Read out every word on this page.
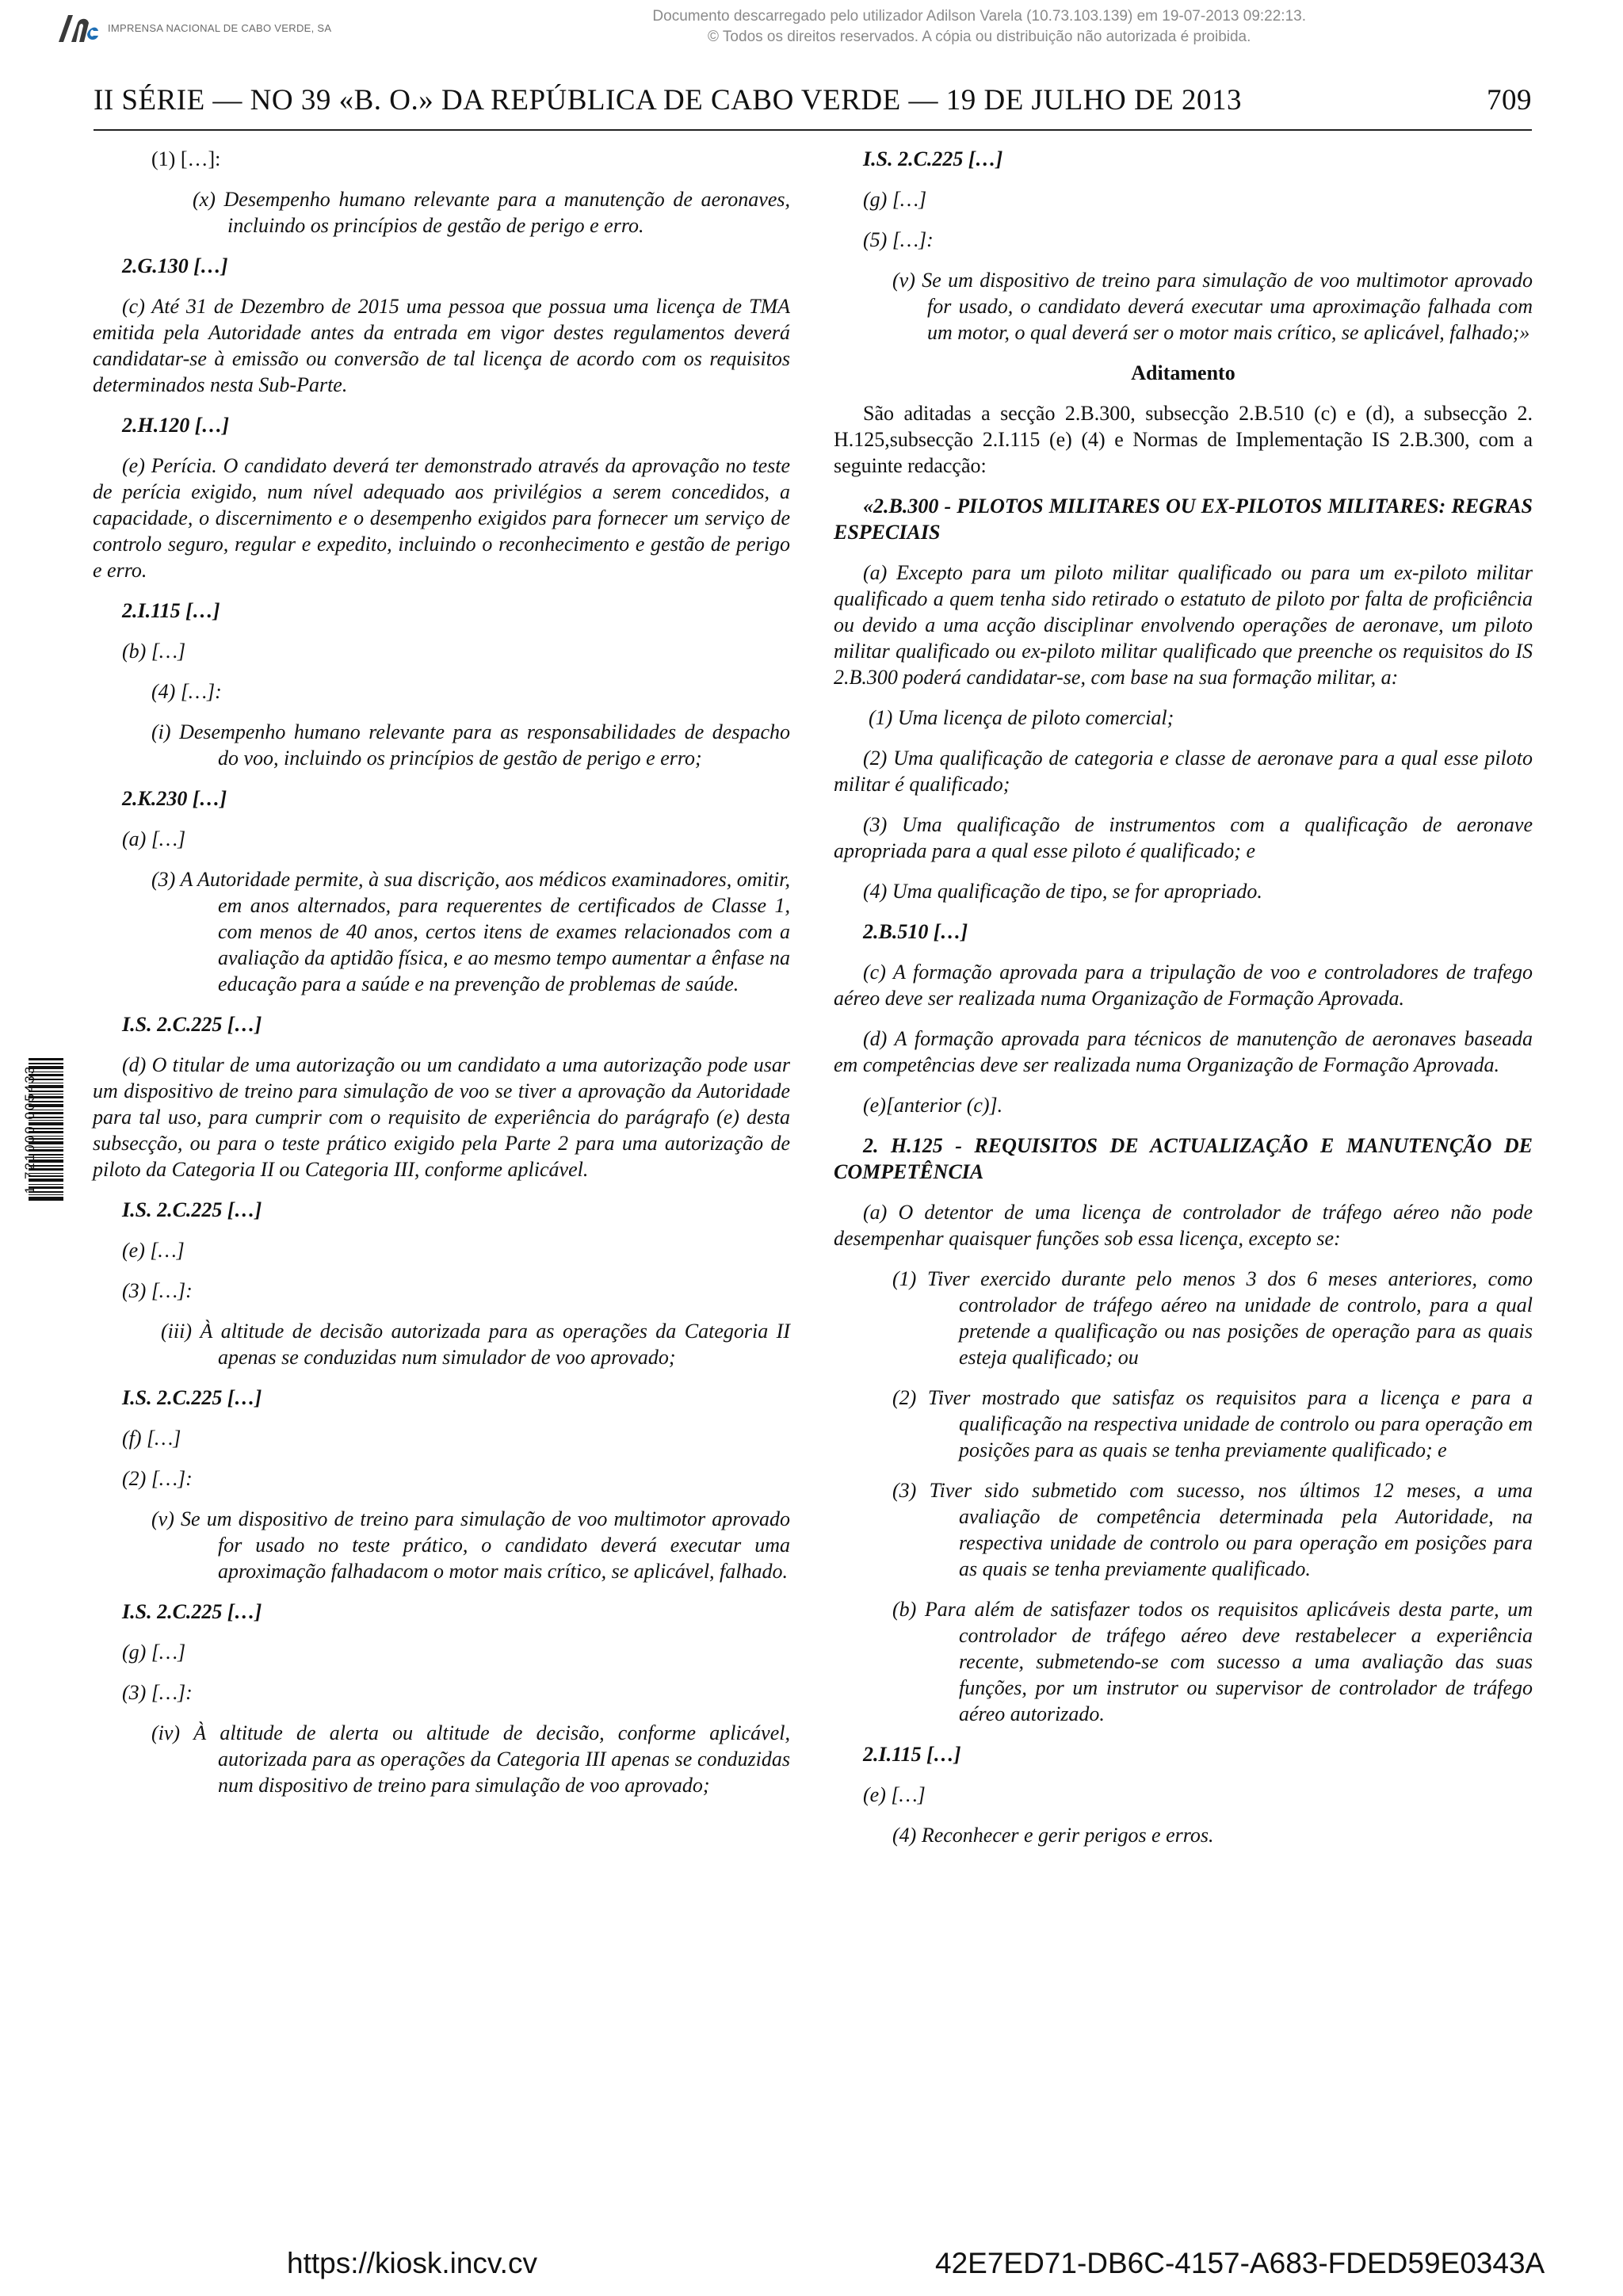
IMPRENSA NACIONAL DE CABO VERDE, SA
Documento descarregado pelo utilizador Adilson Varela (10.73.103.139) em 19-07-2013 09:22:13.
© Todos os direitos reservados. A cópia ou distribuição não autorizada é proibida.
II SÉRIE — NO 39 «B. O.» DA REPÚBLICA DE CABO VERDE — 19 DE JULHO DE 2013	709

(1) […]:

(x) Desempenho humano relevante para a manutenção de aeronaves, incluindo os princípios de gestão de perigo e erro.

2.G.130 […]

(c) Até 31 de Dezembro de 2015 uma pessoa que possua uma licença de TMA emitida pela Autoridade antes da entrada em vigor destes regulamentos deverá candidatar-se à emissão ou conversão de tal licença de acordo com os requisitos determinados nesta Sub-Parte.

2.H.120 […]

(e) Perícia. O candidato deverá ter demonstrado através da aprovação no teste de perícia exigido, num nível adequado aos privilégios a serem concedidos, a capacidade, o discernimento e o desempenho exigidos para fornecer um serviço de controlo seguro, regular e expedito, incluindo o reconhecimento e gestão de perigo e erro.

2.I.115 […]

(b) […]

(4) […]:

(i) Desempenho humano relevante para as responsabilidades de despacho do voo, incluindo os princípios de gestão de perigo e erro;

2.K.230 […]

(a) […]

(3) A Autoridade permite, à sua discrição, aos médicos examinadores, omitir, em anos alternados, para requerentes de certificados de Classe 1, com menos de 40 anos, certos itens de exames relacionados com a avaliação da aptidão física, e ao mesmo tempo aumentar a ênfase na educação para a saúde e na prevenção de problemas de saúde.

I.S. 2.C.225 […]

(d) O titular de uma autorização ou um candidato a uma autorização pode usar um dispositivo de treino para simulação de voo se tiver a aprovação da Autoridade para tal uso, para cumprir com o requisito de experiência do parágrafo (e) desta subsecção, ou para o teste prático exigido pela Parte 2 para uma autorização de piloto da Categoria II ou Categoria III, conforme aplicável.

I.S. 2.C.225 […]

(e) […]

(3) […]:

(iii) À altitude de decisão autorizada para as operações da Categoria II apenas se conduzidas num simulador de voo aprovado;

I.S. 2.C.225 […]

(f) […]

(2) […]:

(v) Se um dispositivo de treino para simulação de voo multimotor aprovado for usado no teste prático, o candidato deverá executar uma aproximação falhadacom o motor mais crítico, se aplicável, falhado.

I.S. 2.C.225 […]

(g) […]

(3) […]:

(iv) À altitude de alerta ou altitude de decisão, conforme aplicável, autorizada para as operações da Categoria III apenas se conduzidas num dispositivo de treino para simulação de voo aprovado;

I.S. 2.C.225 […]

(g) […]

(5) […]:

(v) Se um dispositivo de treino para simulação de voo multimotor aprovado for usado, o candidato deverá executar uma aproximação falhada com um motor, o qual deverá ser o motor mais crítico, se aplicável, falhado;»

Aditamento

São aditadas a secção 2.B.300, subsecção 2.B.510 (c) e (d), a subsecção 2. H.125,subsecção 2.I.115 (e) (4) e Normas de Implementação IS 2.B.300, com a seguinte redacção:

«2.B.300 - PILOTOS MILITARES OU EX-PILOTOS MILITARES: REGRAS ESPECIAIS

(a) Excepto para um piloto militar qualificado ou para um ex-piloto militar qualificado a quem tenha sido retirado o estatuto de piloto por falta de proficiência ou devido a uma acção disciplinar envolvendo operações de aeronave, um piloto militar qualificado ou ex-piloto militar qualificado que preenche os requisitos do IS 2.B.300 poderá candidatar-se, com base na sua formação militar, a:

(1) Uma licença de piloto comercial;

(2) Uma qualificação de categoria e classe de aeronave para a qual esse piloto militar é qualificado;

(3) Uma qualificação de instrumentos com a qualificação de aeronave apropriada para a qual esse piloto é qualificado; e

(4) Uma qualificação de tipo, se for apropriado.

2.B.510 […]

(c) A formação aprovada para a tripulação de voo e controladores de trafego aéreo deve ser realizada numa Organização de Formação Aprovada.

(d) A formação aprovada para técnicos de manutenção de aeronaves baseada em competências deve ser realizada numa Organização de Formação Aprovada.

(e)[anterior (c)].

2. H.125 - REQUISITOS DE ACTUALIZAÇÃO E MANUTENÇÃO DE COMPETÊNCIA

(a) O detentor de uma licença de controlador de tráfego aéreo não pode desempenhar quaisquer funções sob essa licença, excepto se:

(1) Tiver exercido durante pelo menos 3 dos 6 meses anteriores, como controlador de tráfego aéreo na unidade de controlo, para a qual pretende a qualificação ou nas posições de operação para as quais esteja qualificado; ou

(2) Tiver mostrado que satisfaz os requisitos para a licença e para a qualificação na respectiva unidade de controlo ou para operação em posições para as quais se tenha previamente qualificado; e

(3) Tiver sido submetido com sucesso, nos últimos 12 meses, a uma avaliação de competência determinada pela Autoridade, na respectiva unidade de controlo ou para operação em posições para as quais se tenha previamente qualificado.

(b) Para além de satisfazer todos os requisitos aplicáveis desta parte, um controlador de tráfego aéreo deve restabelecer a experiência recente, submetendo-se com sucesso a uma avaliação das suas funções, por um instrutor ou supervisor de controlador de tráfego aéreo autorizado.

2.I.115 […]

(e) […]

(4) Reconhecer e gerir perigos e erros.

1 721000 005433
https://kiosk.incv.cv	42E7ED71-DB6C-4157-A683-FDED59E0343A
